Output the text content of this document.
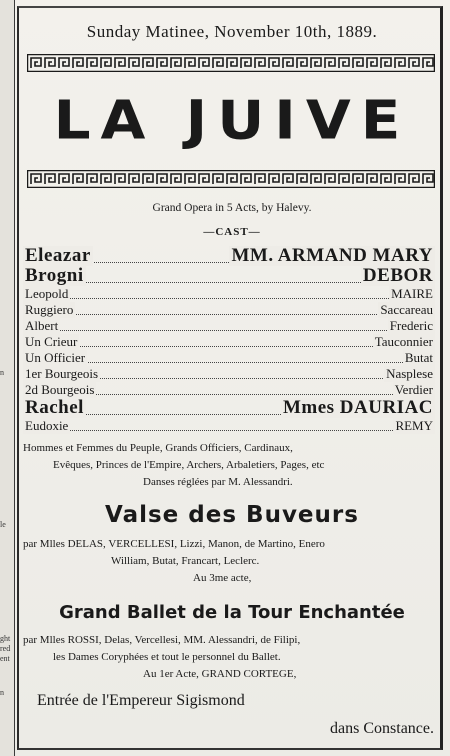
n
le
ght
red
ent
n
Sunday Matinee, November 10th, 1889.
LA JUIVE
Grand Opera in 5 Acts, by Halevy.
—CAST—
Eleazar	MM. ARMAND MARY
Brogni	DEBOR
Leopold	MAIRE
Ruggiero	Saccareau
Albert	Frederic
Un Crieur	Tauconnier
Un Officier	Butat
1er Bourgeois	Nasplese
2d Bourgeois	Verdier
Rachel	Mmes DAURIAC
Eudoxie	REMY
Hommes et Femmes du Peuple, Grands Officiers, Cardinaux,
Evêques, Princes de l'Empire, Archers, Arbaletiers, Pages, etc
Danses réglées par M. Alessandri.
Valse des Buveurs
par Mlles DELAS, VERCELLESI, Lizzi, Manon, de Martino, Enero
William, Butat, Francart, Leclerc.
Au 3me acte,
Grand Ballet de la Tour Enchantée
par Mlles ROSSI, Delas, Vercellesi, MM. Alessandri, de Filipi,
les Dames Coryphées et tout le personnel du Ballet.
Au 1er Acte, GRAND CORTEGE,
Entrée de l'Empereur Sigismond
dans Constance.
